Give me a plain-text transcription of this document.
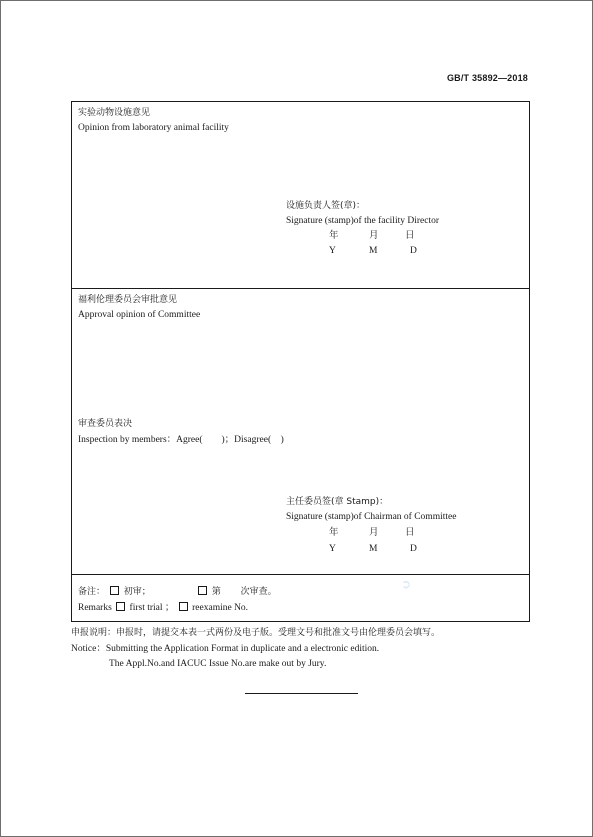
GB/T 35892—2018
实验动物设施意见
Opinion from laboratory animal facility
设施负责人签(章)：
Signature (stamp)of the facility Director
年	月	日
Y	M	D
福利伦理委员会审批意见
Approval opinion of Committee
审查委员表决
Inspection by members：Agree(　　)；Disagree(　)
主任委员签(章 Stamp)：
Signature (stamp)of Chairman of Committee
年	月	日
Y	M	D
备注： 初审；	第 次审查。
Remarks first trial ； reexamine No.
➲
申报说明：申报时，请提交本表一式两份及电子版。受理文号和批准文号由伦理委员会填写。
Notice：Submitting the Application Format in duplicate and a electronic edition.
The Appl.No.and IACUC Issue No.are make out by Jury.
